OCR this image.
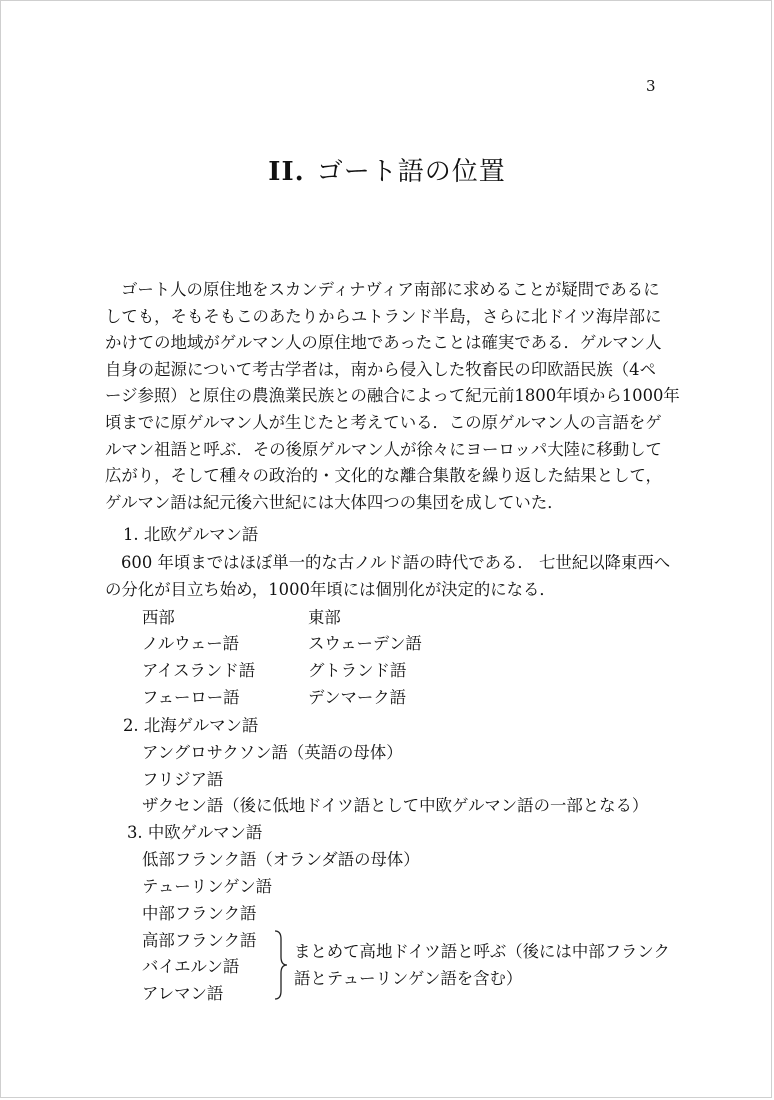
3
II. ゴート語の位置

ゴート人の原住地をスカンディナヴィア南部に求めることが疑問であるに
しても，そもそもこのあたりからユトランド半島，さらに北ドイツ海岸部に
かけての地域がゲルマン人の原住地であったことは確実である．ゲルマン人
自身の起源について考古学者は，南から侵入した牧畜民の印欧語民族（4ペ
ージ参照）と原住の農漁業民族との融合によって紀元前1800年頃から1000年
頃までに原ゲルマン人が生じたと考えている．この原ゲルマン人の言語をゲ
ルマン祖語と呼ぶ．その後原ゲルマン人が徐々にヨーロッパ大陸に移動して
広がり，そして種々の政治的・文化的な離合集散を繰り返した結果として，
ゲルマン語は紀元後六世紀には大体四つの集団を成していた．

1. 北欧ゲルマン語
600 年頃まではほぼ単一的な古ノルド語の時代である． 七世紀以降東西へ
の分化が目立ち始め，1000年頃には個別化が決定的になる．
西部	東部
ノルウェー語
アイスランド語
フェーロー語
スウェーデン語
グトランド語
デンマーク語
2. 北海ゲルマン語
アングロサクソン語（英語の母体）
フリジア語
ザクセン語（後に低地ドイツ語として中欧ゲルマン語の一部となる）
3. 中欧ゲルマン語
低部フランク語（オランダ語の母体）
テューリンゲン語
中部フランク語
高部フランク語
バイエルン語
アレマン語
まとめて高地ドイツ語と呼ぶ（後には中部フランク
語とテューリンゲン語を含む）
